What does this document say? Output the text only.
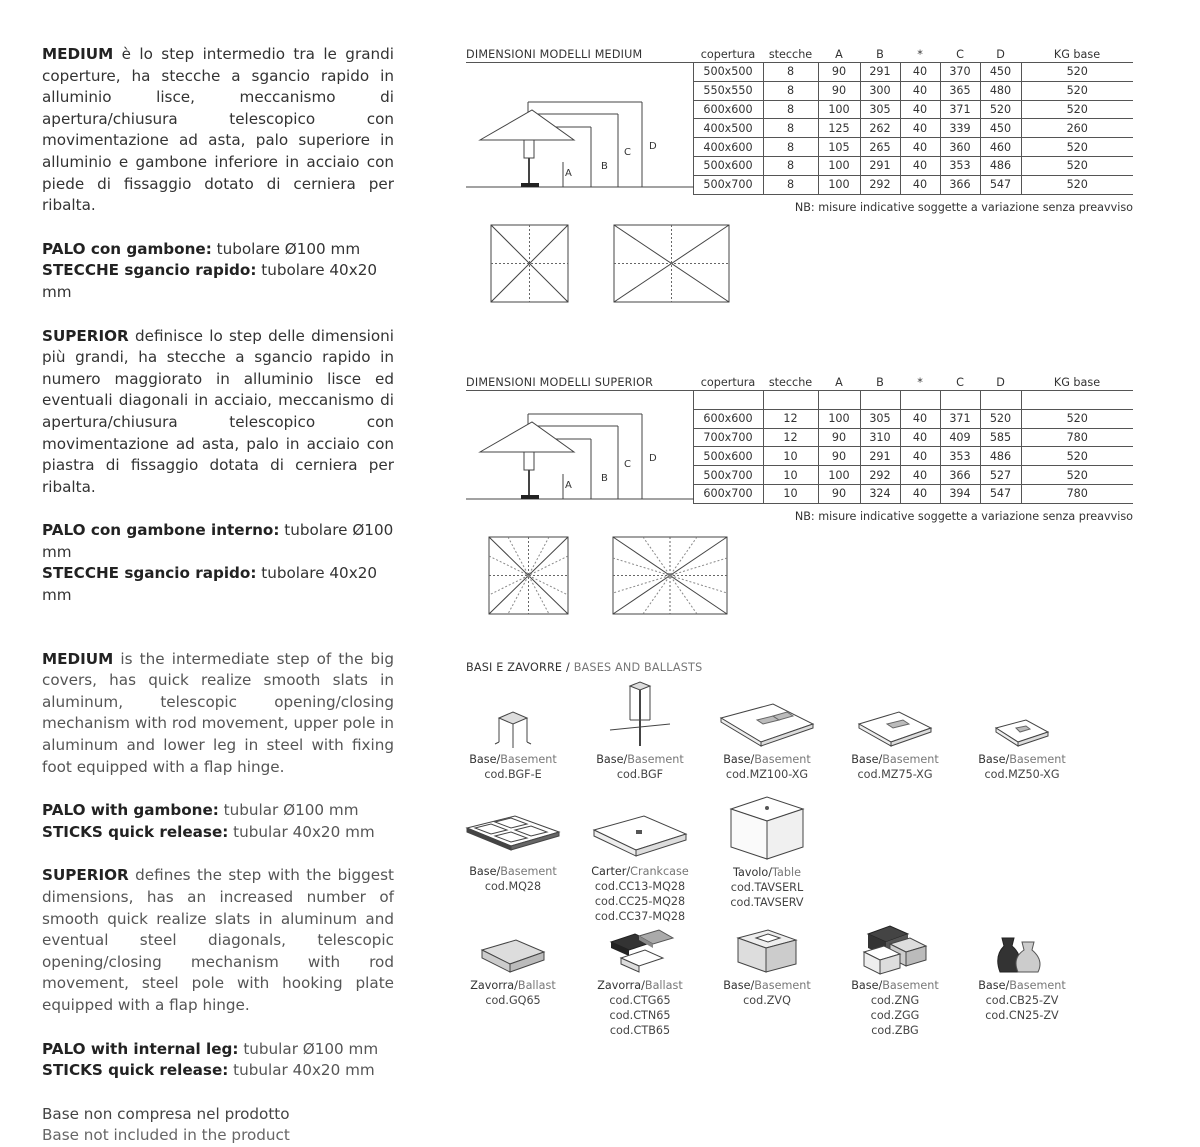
MEDIUM è lo step intermedio tra le grandi coperture, ha stecche a sgancio rapido in alluminio lisce, meccanismo di apertura/chiusura telescopico con movimentazione ad asta, palo superiore in alluminio e gambone inferiore in acciaio con piede di fissaggio dotato di cerniera per ribalta.

PALO con gambone: tubolare Ø100 mm

STECCHE sgancio rapido: tubolare 40x20 mm

SUPERIOR definisce lo step delle dimensioni più grandi, ha stecche a sgancio rapido in numero maggiorato in alluminio lisce ed eventuali diagonali in acciaio, meccanismo di apertura/chiusura telescopico con movimentazione ad asta, palo in acciaio con piastra di fissaggio dotata di cerniera per ribalta.

PALO con gambone interno: tubolare Ø100 mm

STECCHE sgancio rapido: tubolare 40x20 mm

MEDIUM is the intermediate step of the big covers, has quick realize smooth slats in aluminum, telescopic opening/closing mechanism with rod movement, upper pole in aluminum and lower leg in steel with fixing foot equipped with a flap hinge.

PALO with gambone: tubular Ø100 mm

STICKS quick release: tubular 40x20 mm

SUPERIOR defines the step with the biggest dimensions, has an increased number of smooth quick realize slats in aluminum and eventual steel diagonals, telescopic opening/closing mechanism with rod movement, steel pole with hooking plate equipped with a flap hinge.

PALO with internal leg: tubular Ø100 mm

STICKS quick release: tubular 40x20 mm

Base non compresa nel prodotto

Base not included in the product

DIMENSIONI MODELLI MEDIUM	copertura	stecche	A	B	*	C	D	KG base
	500x500	8	90	291	40	370	450	520
	550x550	8	90	300	40	365	480	520
	600x600	8	100	305	40	371	520	520
	400x500	8	125	262	40	339	450	260
	400x600	8	105	265	40	360	460	520
	500x600	8	100	291	40	353	486	520
	500x700	8	100	292	40	366	547	520
NB: misure indicative soggette a variazione senza preavviso
A
B
C
D
DIMENSIONI MODELLI SUPERIOR	copertura	stecche	A	B	*	C	D	KG base

	600x600	12	100	305	40	371	520	520
	700x700	12	90	310	40	409	585	780
	500x600	10	90	291	40	353	486	520
	500x700	10	100	292	40	366	527	520
	600x700	10	90	324	40	394	547	780
NB: misure indicative soggette a variazione senza preavviso
A
B
C
D
BASI E ZAVORRE / BASES AND BALLASTS
Base/Basement
cod.BGF-E
Base/Basement
cod.BGF
Base/Basement
cod.MZ100-XG
Base/Basement
cod.MZ75-XG
Base/Basement
cod.MZ50-XG
Base/Basement
cod.MQ28
Carter/Crankcase
cod.CC13-MQ28
cod.CC25-MQ28
cod.CC37-MQ28
Tavolo/Table
cod.TAVSERL
cod.TAVSERV
Zavorra/Ballast
cod.GQ65
Zavorra/Ballast
cod.CTG65
cod.CTN65
cod.CTB65
Base/Basement
cod.ZVQ
Base/Basement
cod.ZNG
cod.ZGG
cod.ZBG
Base/Basement
cod.CB25-ZV
cod.CN25-ZV
